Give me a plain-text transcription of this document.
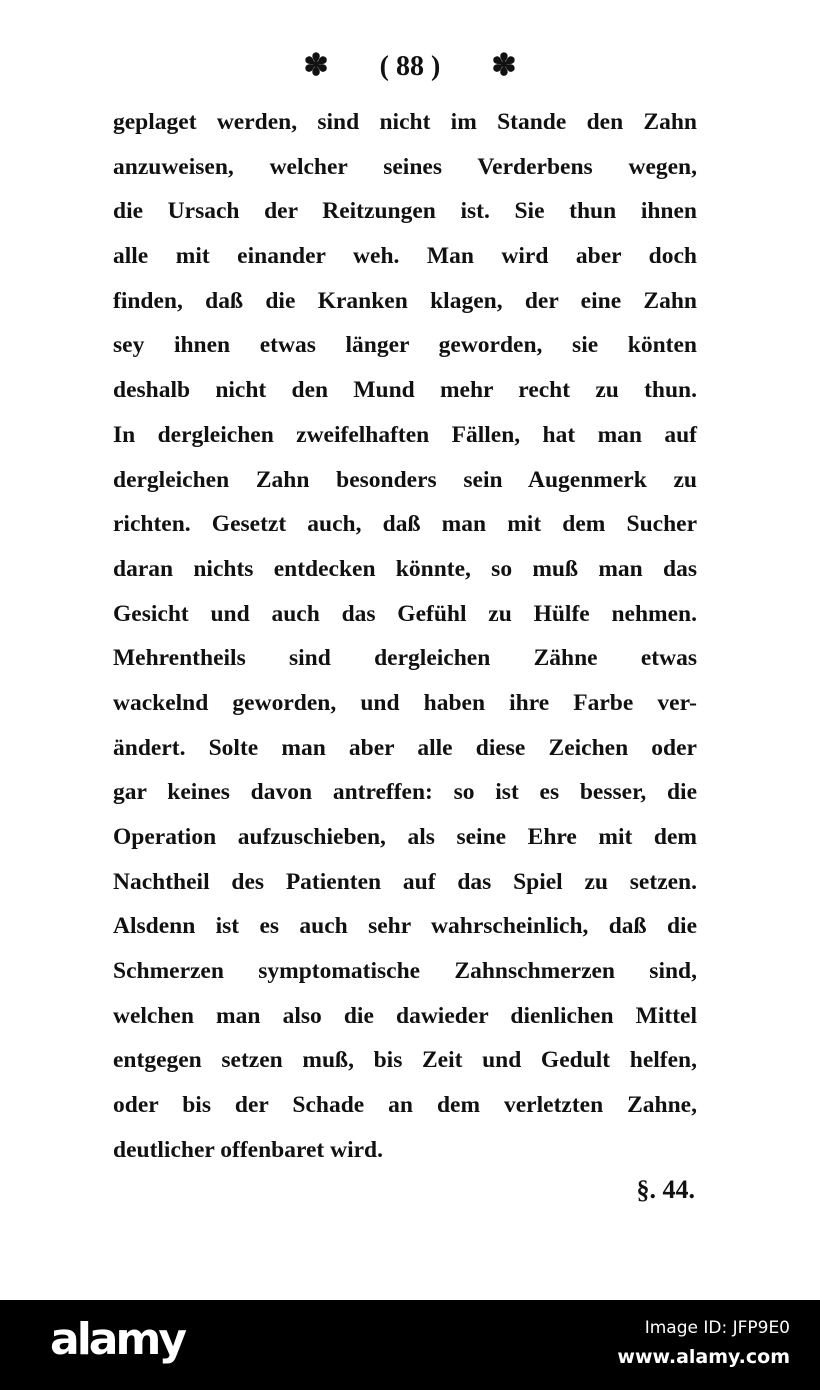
✽ ( 88 ) ✽
geplaget werden, sind nicht im Stande den Zahn
anzuweisen, welcher seines Verderbens wegen,
die Ursach der Reitzungen ist. Sie thun ihnen
alle mit einander weh. Man wird aber doch
finden, daß die Kranken klagen, der eine Zahn
sey ihnen etwas länger geworden, sie könten
deshalb nicht den Mund mehr recht zu thun.
In dergleichen zweifelhaften Fällen, hat man auf
dergleichen Zahn besonders sein Augenmerk zu
richten. Gesetzt auch, daß man mit dem Sucher
daran nichts entdecken könnte, so muß man das
Gesicht und auch das Gefühl zu Hülfe nehmen.
Mehrentheils sind dergleichen Zähne etwas
wackelnd geworden, und haben ihre Farbe ver-
ändert. Solte man aber alle diese Zeichen oder
gar keines davon antreffen: so ist es besser, die
Operation aufzuschieben, als seine Ehre mit dem
Nachtheil des Patienten auf das Spiel zu setzen.
Alsdenn ist es auch sehr wahrscheinlich, daß die
Schmerzen symptomatische Zahnschmerzen sind,
welchen man also die dawieder dienlichen Mittel
entgegen setzen muß, bis Zeit und Gedult helfen,
oder bis der Schade an dem verletzten Zahne,
deutlicher offenbaret wird.
§. 44.
alamy	Image ID: JFP9E0
www.alamy.com
